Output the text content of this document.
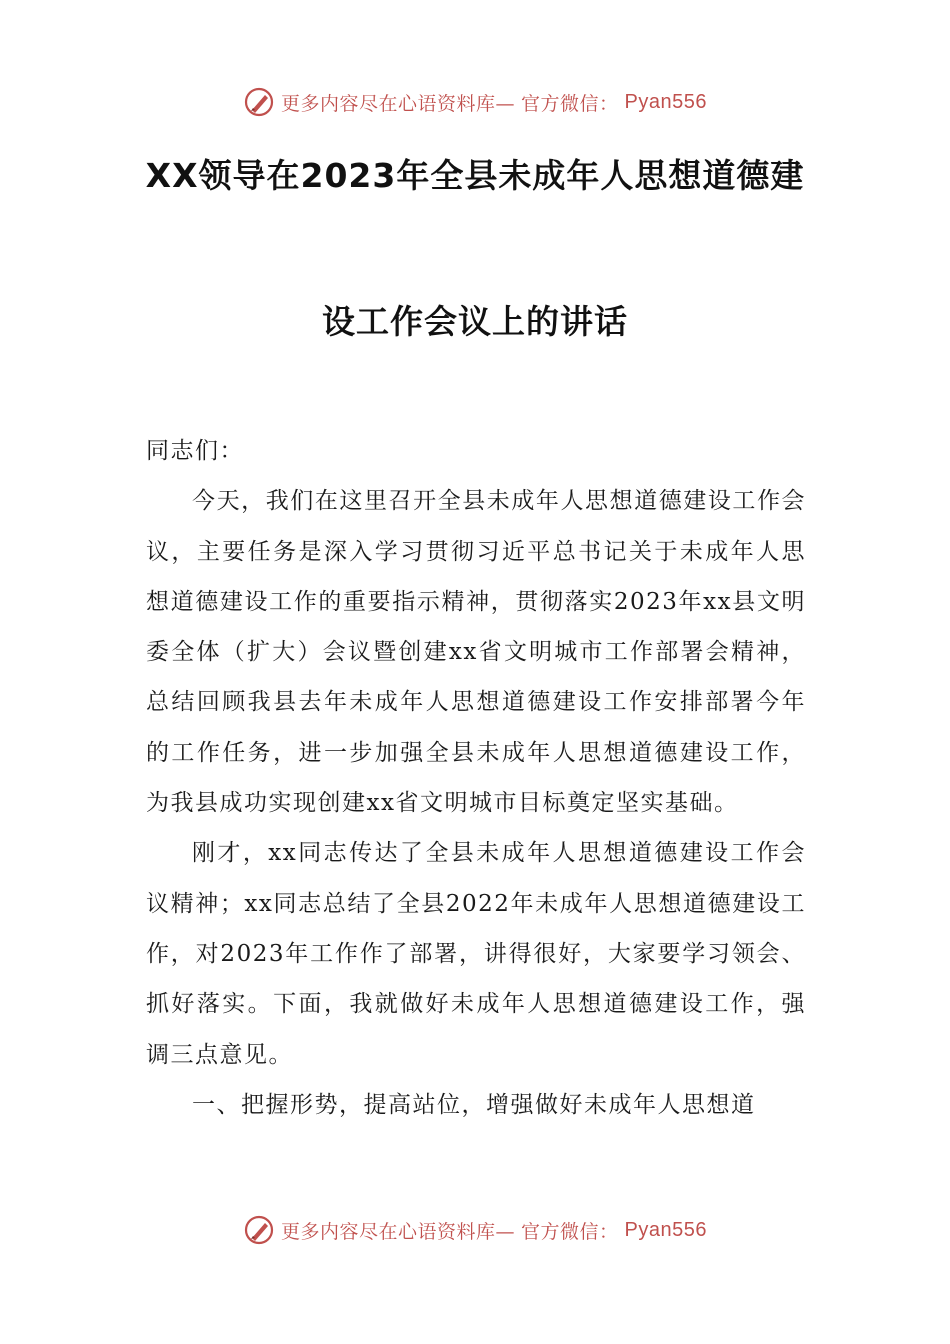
更多内容尽在心语资料库— 官方微信： Pyan556
XX领导在2023年全县未成年人思想道德建
设工作会议上的讲话

同志们：

今天，我们在这里召开全县未成年人思想道德建设工作会议，主要任务是深入学习贯彻习近平总书记关于未成年人思想道德建设工作的重要指示精神，贯彻落实2023年xx县文明委全体（扩大）会议暨创建xx省文明城市工作部署会精神，总结回顾我县去年未成年人思想道德建设工作安排部署今年的工作任务，进一步加强全县未成年人思想道德建设工作，为我县成功实现创建xx省文明城市目标奠定坚实基础。

刚才，xx同志传达了全县未成年人思想道德建设工作会议精神；xx同志总结了全县2022年未成年人思想道德建设工作，对2023年工作作了部署，讲得很好，大家要学习领会、抓好落实。下面，我就做好未成年人思想道德建设工作，强调三点意见。

一、把握形势，提高站位，增强做好未成年人思想道

更多内容尽在心语资料库— 官方微信： Pyan556
